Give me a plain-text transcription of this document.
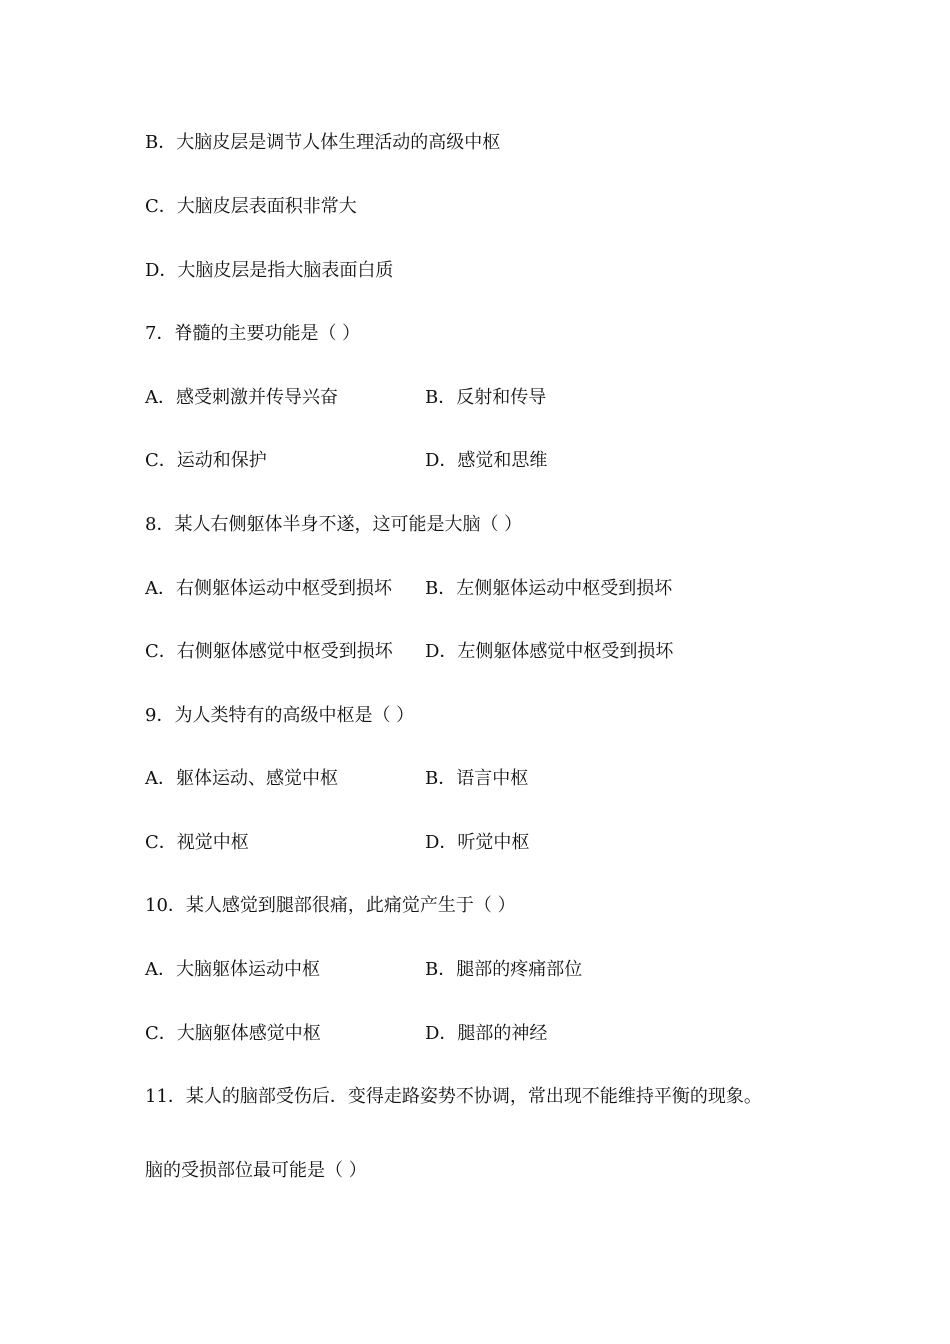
B．大脑皮层是调节人体生理活动的高级中枢
C．大脑皮层表面积非常大
D．大脑皮层是指大脑表面白质
7．脊髓的主要功能是（ ）
A．感受刺激并传导兴奋	B．反射和传导
C．运动和保护	D．感觉和思维
8．某人右侧躯体半身不遂，这可能是大脑（ ）
A．右侧躯体运动中枢受到损坏 B．左侧躯体运动中枢受到损坏
C．右侧躯体感觉中枢受到损坏 D．左侧躯体感觉中枢受到损坏
9．为人类特有的高级中枢是（ ）
A．躯体运动、感觉中枢	B．语言中枢
C．视觉中枢	D．听觉中枢
10．某人感觉到腿部很痛，此痛觉产生于（ ）
A．大脑躯体运动中枢	B．腿部的疼痛部位
C．大脑躯体感觉中枢	D．腿部的神经
11．某人的脑部受伤后．变得走路姿势不协调，常出现不能维持平衡的现象。
脑的受损部位最可能是（ ）
